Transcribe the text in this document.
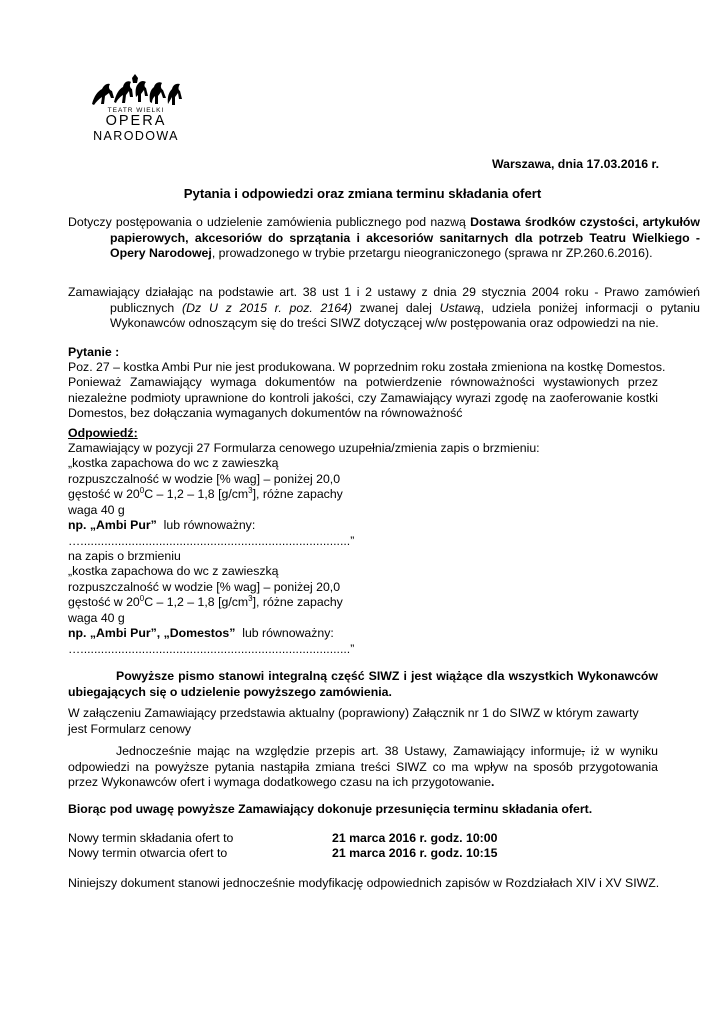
TEATR WIELKI
OPERA
NARODOWA
Warszawa, dnia 17.03.2016 r.
Pytania i odpowiedzi oraz zmiana terminu składania ofert
Dotyczy postępowania o udzielenie zamówienia publicznego pod nazwą Dostawa środków czystości, artykułów papierowych, akcesoriów do sprzątania i akcesoriów sanitarnych dla potrzeb Teatru Wielkiego - Opery Narodowej, prowadzonego w trybie przetargu nieograniczonego (sprawa nr ZP.260.6.2016).
Zamawiający działając na podstawie art. 38 ust 1 i 2 ustawy z dnia 29 stycznia 2004 roku - Prawo zamówień publicznych (Dz U z 2015 r. poz. 2164) zwanej dalej Ustawą, udziela poniżej informacji o pytaniu Wykonawców odnoszącym się do treści SIWZ dotyczącej w/w postępowania oraz odpowiedzi na nie.
Pytanie :
Poz. 27 – kostka Ambi Pur nie jest produkowana. W poprzednim roku została zmieniona na kostkę Domestos.
Ponieważ Zamawiający wymaga dokumentów na potwierdzenie równoważności wystawionych przez niezależne podmioty uprawnione do kontroli jakości, czy Zamawiający wyrazi zgodę na zaoferowanie kostki Domestos, bez dołączania wymaganych dokumentów na równoważność
Odpowiedź:
Zamawiający w pozycji 27 Formularza cenowego uzupełnia/zmienia zapis o brzmieniu:
„kostka zapachowa do wc z zawieszką
rozpuszczalność w wodzie [% wag] – poniżej 20,0
gęstość w $20^0C - 1,2 - 1,8$ $[g/cm^3]$, różne zapachy
waga 40 g
np. „Ambi Pur” lub równoważny:
…...............................................................................”
na zapis o brzmieniu
„kostka zapachowa do wc z zawieszką
rozpuszczalność w wodzie [% wag] – poniżej 20,0
gęstość w $20^0C - 1,2 - 1,8$ $[g/cm^3]$, różne zapachy
waga 40 g
np. „Ambi Pur”, „Domestos” lub równoważny:
…...............................................................................”
Powyższe pismo stanowi integralną część SIWZ i jest wiążące dla wszystkich Wykonawców ubiegających się o udzielenie powyższego zamówienia.
W załączeniu Zamawiający przedstawia aktualny (poprawiony) Załącznik nr 1 do SIWZ w którym zawarty jest Formularz cenowy
Jednocześnie mając na względzie przepis art. 38 Ustawy, Zamawiający informuje, iż w wyniku odpowiedzi na powyższe pytania nastąpiła zmiana treści SIWZ co ma wpływ na sposób przygotowania przez Wykonawców ofert i wymaga dodatkowego czasu na ich przygotowanie.
Biorąc pod uwagę powyższe Zamawiający dokonuje przesunięcia terminu składania ofert.
Nowy termin składania ofert to	21 marca 2016 r. godz. 10:00
Nowy termin otwarcia ofert to	21 marca 2016 r. godz. 10:15
Niniejszy dokument stanowi jednocześnie modyfikację odpowiednich zapisów w Rozdziałach XIV i XV SIWZ.
